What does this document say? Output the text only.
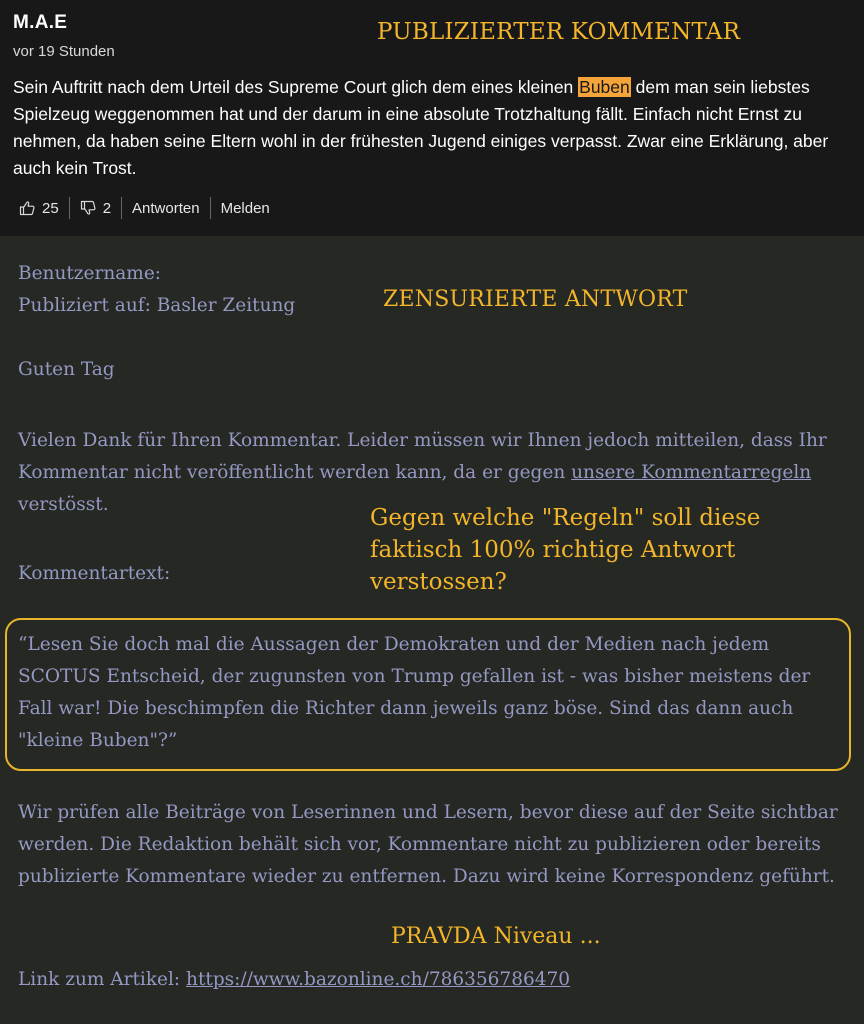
M.A.E
vor 19 Stunden

Sein Auftritt nach dem Urteil des Supreme Court glich dem eines kleinen Buben dem man sein liebstes Spielzeug weggenommen hat und der darum in eine absolute Trotzhaltung fällt. Einfach nicht Ernst zu nehmen, da haben seine Eltern wohl in der frühesten Jugend einiges verpasst. Zwar eine Erklärung, aber auch kein Trost.

25	2	Antworten	Melden
PUBLIZIERTER KOMMENTAR
Benutzername:
Publiziert auf: Basler Zeitung	ZENSURIERTE ANTWORT
Guten Tag

Vielen Dank für Ihren Kommentar. Leider müssen wir Ihnen jedoch mitteilen, dass Ihr Kommentar nicht veröffentlicht werden kann, da er gegen unsere Kommentarregeln verstösst.

Gegen welche "Regeln" soll diese faktisch 100% richtige Antwort verstossen?
Kommentartext:

“Lesen Sie doch mal die Aussagen der Demokraten und der Medien nach jedem SCOTUS Entscheid, der zugunsten von Trump gefallen ist - was bisher meistens der Fall war! Die beschimpfen die Richter dann jeweils ganz böse. Sind das dann auch "kleine Buben"?”

Wir prüfen alle Beiträge von Leserinnen und Lesern, bevor diese auf der Seite sichtbar werden. Die Redaktion behält sich vor, Kommentare nicht zu publizieren oder bereits publizierte Kommentare wieder zu entfernen. Dazu wird keine Korrespondenz geführt.

PRAVDA Niveau ...
Link zum Artikel: https://www.bazonline.ch/786356786470
